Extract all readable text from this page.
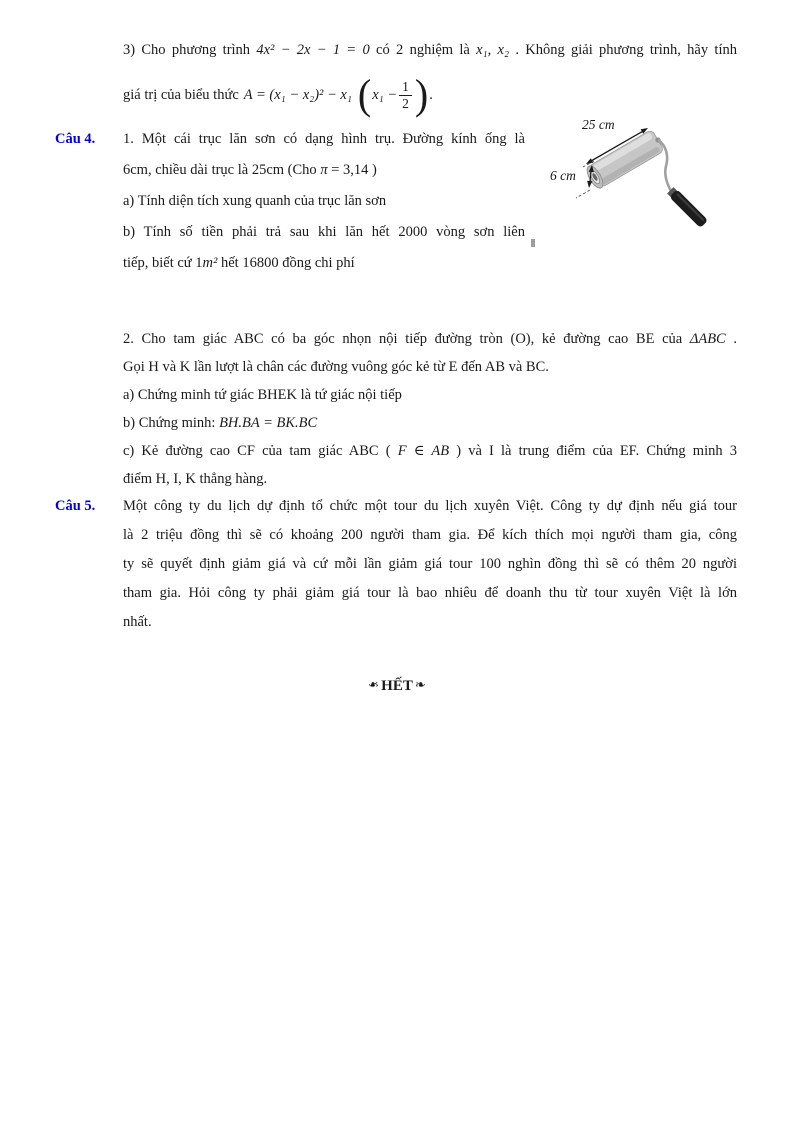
3) Cho phương trình 4x² − 2x − 1 = 0 có 2 nghiệm là x₁, x₂ . Không giải phương trình, hãy tính
giá trị của biểu thức A = (x₁ − x₂)² − x₁ ( $x_1 - \frac{1}{2}$ ) .
Câu 4. 1. Một cái trục lăn sơn có dạng hình trụ. Đường kính ống là
6cm, chiều dài trục là 25cm (Cho π = 3,14 )
a) Tính diện tích xung quanh của trục lăn sơn
b) Tính số tiền phải trả sau khi lăn hết 2000 vòng sơn liên
tiếp, biết cứ 1m² hết 16800 đồng chi phí
25 cm
6 cm
2. Cho tam giác ABC có ba góc nhọn nội tiếp đường tròn (O), kẻ đường cao BE của ΔABC .
Gọi H và K lần lượt là chân các đường vuông góc kẻ từ E đến AB và BC.
a) Chứng minh tứ giác BHEK là tứ giác nội tiếp
b) Chứng minh: BH.BA = BK.BC
c) Kẻ đường cao CF của tam giác ABC ( F ∈ AB ) và I là trung điểm của EF. Chứng minh 3
điểm H, I, K thẳng hàng.
Câu 5. Một công ty du lịch dự định tổ chức một tour du lịch xuyên Việt. Công ty dự định nếu giá tour
là 2 triệu đồng thì sẽ có khoảng 200 người tham gia. Để kích thích mọi người tham gia, công
ty sẽ quyết định giảm giá và cứ mỗi lần giảm giá tour 100 nghìn đồng thì sẽ có thêm 20 người
tham gia. Hỏi công ty phải giảm giá tour là bao nhiêu để doanh thu từ tour xuyên Việt là lớn
nhất.
❧ HẾT ❧
